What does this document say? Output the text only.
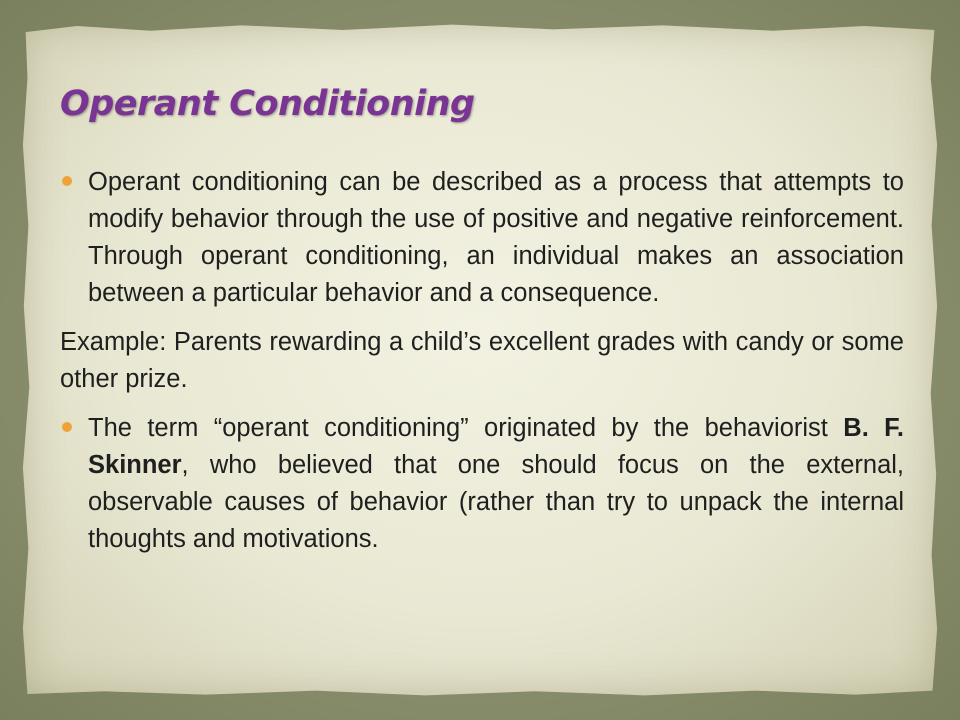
Operant Conditioning
Operant conditioning can be described as a process that attempts to modify behavior through the use of positive and negative reinforcement. Through operant conditioning, an individual makes an association between a particular behavior and a consequence.
Example: Parents rewarding a child’s excellent grades with candy or some other prize.
The term “operant conditioning” originated by the behaviorist B. F. Skinner, who believed that one should focus on the external, observable causes of behavior (rather than try to unpack the internal thoughts and motivations.
